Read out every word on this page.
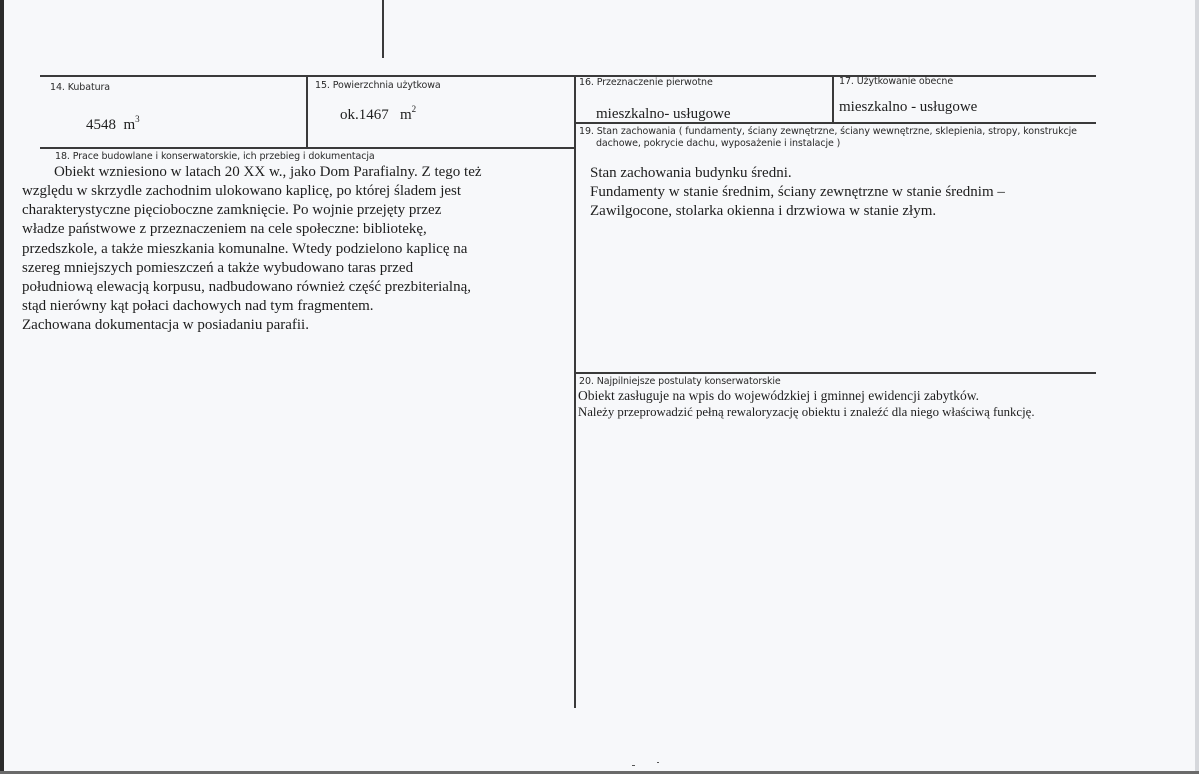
14. Kubatura
4548 $m^3$
15. Powierzchnia użytkowa
ok.1467 $m^2$
16. Przeznaczenie pierwotne
mieszkalno- usługowe
17. Użytkowanie obecne
mieszkalno - usługowe
18. Prace budowlane i konserwatorskie, ich przebieg i dokumentacja
Obiekt wzniesiono w latach 20 XX w., jako Dom Parafialny. Z tego też
względu w skrzydle zachodnim ulokowano kaplicę, po której śladem jest
charakterystyczne pięcioboczne zamknięcie. Po wojnie przejęty przez
władze państwowe z przeznaczeniem na cele społeczne: bibliotekę,
przedszkole, a także mieszkania komunalne. Wtedy podzielono kaplicę na
szereg mniejszych pomieszczeń a także wybudowano taras przed
południową elewacją korpusu, nadbudowano również część prezbiterialną,
stąd nierówny kąt połaci dachowych nad tym fragmentem.
Zachowana dokumentacja w posiadaniu parafii.
19. Stan zachowania ( fundamenty, ściany zewnętrzne, ściany wewnętrzne, sklepienia, stropy, konstrukcje
dachowe, pokrycie dachu, wyposażenie i instalacje )
Stan zachowania budynku średni.
Fundamenty w stanie średnim, ściany zewnętrzne w stanie średnim –
Zawilgocone, stolarka okienna i drzwiowa w stanie złym.
20. Najpilniejsze postulaty konserwatorskie
Obiekt zasługuje na wpis do wojewódzkiej i gminnej ewidencji zabytków.
Należy przeprowadzić pełną rewaloryzację obiektu i znaleźć dla niego właściwą funkcję.
